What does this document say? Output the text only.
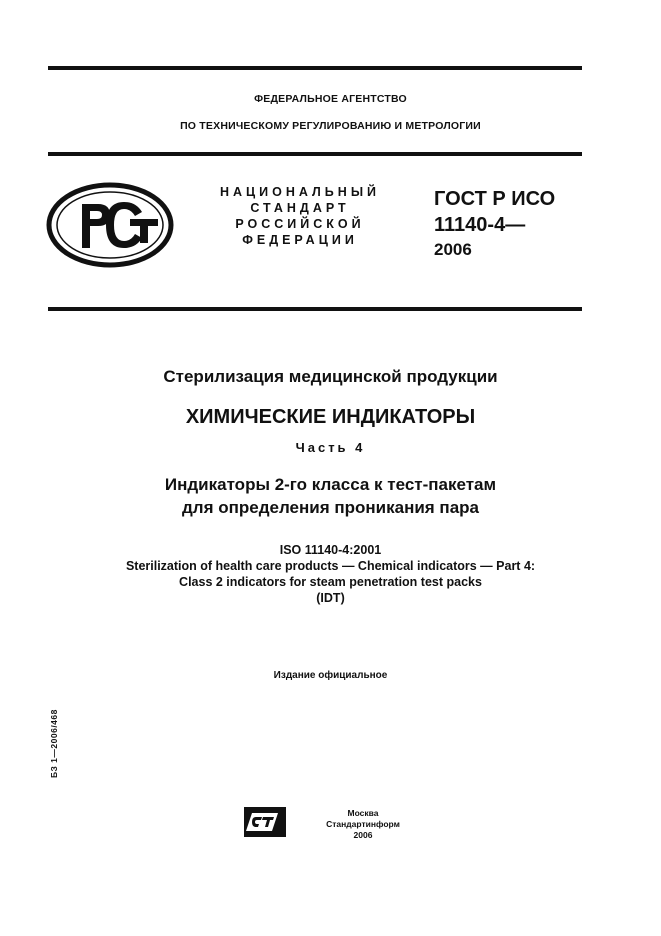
ФЕДЕРАЛЬНОЕ АГЕНТСТВО
ПО ТЕХНИЧЕСКОМУ РЕГУЛИРОВАНИЮ И МЕТРОЛОГИИ
НАЦИОНАЛЬНЫЙ
СТАНДАРТ
РОССИЙСКОЙ
ФЕДЕРАЦИИ
ГОСТ Р ИСО
11140-4—
2006
Стерилизация медицинской продукции
ХИМИЧЕСКИЕ ИНДИКАТОРЫ
Часть 4
Индикаторы 2-го класса к тест-пакетам
для определения проникания пара
ISO 11140-4:2001
Sterilization of health care products — Chemical indicators — Part 4:
Class 2 indicators for steam penetration test packs
(IDT)
Издание официальное
БЗ 1—2006/468
Москва
Стандартинформ
2006
